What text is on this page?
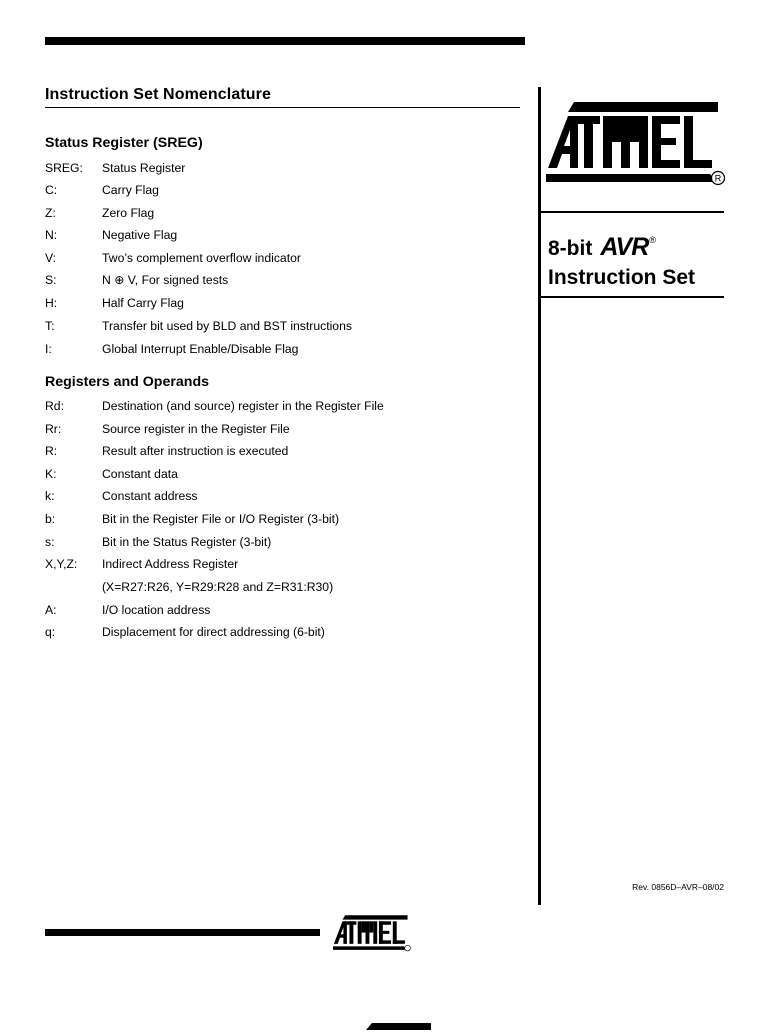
Instruction Set Nomenclature
Status Register (SREG)
SREG: Status Register
C:	Carry Flag
Z:	Zero Flag
N:	Negative Flag
V:	Two’s complement overflow indicator
S:	N ⊕ V, For signed tests
H:	Half Carry Flag
T:	Transfer bit used by BLD and BST instructions
I:	Global Interrupt Enable/Disable Flag
Registers and Operands
Rd:	Destination (and source) register in the Register File
Rr:	Source register in the Register File
R:	Result after instruction is executed
K:	Constant data
k:	Constant address
b:	Bit in the Register File or I/O Register (3-bit)
s:	Bit in the Status Register (3-bit)
X,Y,Z: Indirect Address Register
(X=R27:R26, Y=R29:R28 and Z=R31:R30)
A:	I/O location address
q:	Displacement for direct addressing (6-bit)
R
8-bit AVR®
Instruction Set
Rev. 0856D–AVR–08/02
